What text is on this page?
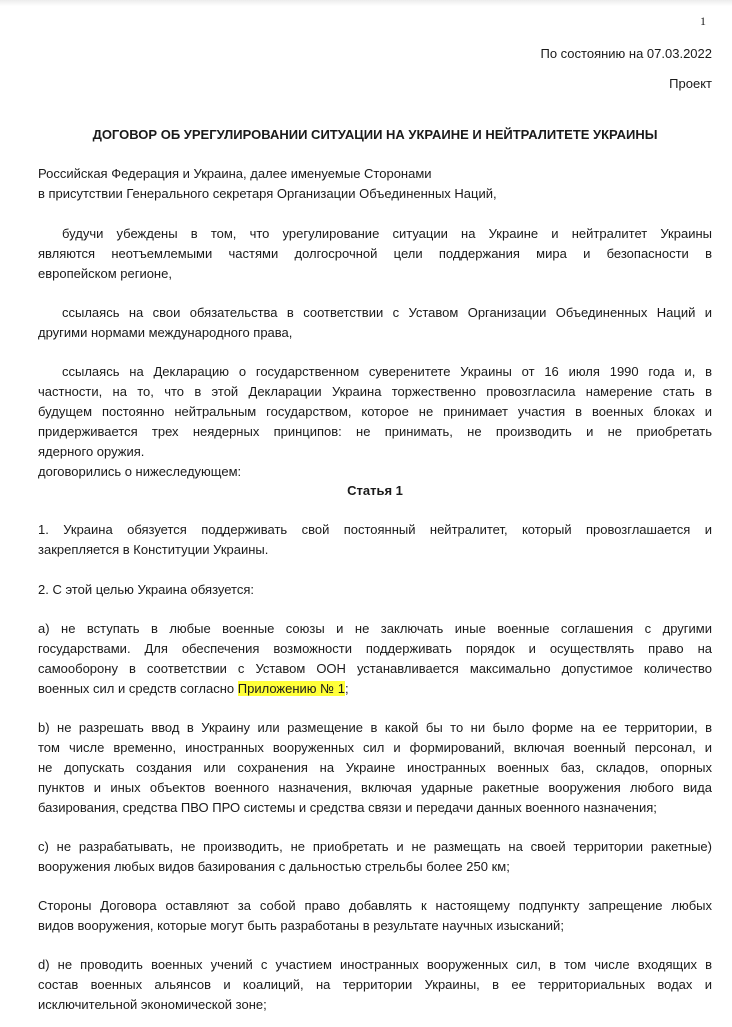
1
По состоянию на 07.03.2022
Проект
ДОГОВОР ОБ УРЕГУЛИРОВАНИИ СИТУАЦИИ НА УКРАИНЕ И НЕЙТРАЛИТЕТЕ УКРАИНЫ
Российская Федерация и Украина, далее именуемые Сторонами
в присутствии Генерального секретаря Организации Объединенных Наций,
будучи убеждены в том, что урегулирование ситуации на Украине и нейтралитет Украины
являются неотъемлемыми частями долгосрочной цели поддержания мира и безопасности в
европейском регионе,
ссылаясь на свои обязательства в соответствии с Уставом Организации Объединенных Наций и
другими нормами международного права,
ссылаясь на Декларацию о государственном суверенитете Украины от 16 июля 1990 года и, в
частности, на то, что в этой Декларации Украина торжественно провозгласила намерение стать в
будущем постоянно нейтральным государством, которое не принимает участия в военных блоках и
придерживается трех неядерных принципов: не принимать, не производить и не приобретать
ядерного оружия.
договорились о нижеследующем:
Статья 1
1. Украина обязуется поддерживать свой постоянный нейтралитет, который провозглашается и
закрепляется в Конституции Украины.
2. С этой целью Украина обязуется:
a) не вступать в любые военные союзы и не заключать иные военные соглашения с другими
государствами. Для обеспечения возможности поддерживать порядок и осуществлять право на
самооборону в соответствии с Уставом ООН устанавливается максимально допустимое количество
военных сил и средств согласно Приложению № 1;
b) не разрешать ввод в Украину или размещение в какой бы то ни было форме на ее территории, в
том числе временно, иностранных вооруженных сил и формирований, включая военный персонал, и
не допускать создания или сохранения на Украине иностранных военных баз, складов, опорных
пунктов и иных объектов военного назначения, включая ударные ракетные вооружения любого вида
базирования, средства ПВО ПРО системы и средства связи и передачи данных военного назначения;
c) не разрабатывать, не производить, не приобретать и не размещать на своей территории ракетные)
вооружения любых видов базирования с дальностью стрельбы более 250 км;
Стороны Договора оставляют за собой право добавлять к настоящему подпункту запрещение любых
видов вооружения, которые могут быть разработаны в результате научных изысканий;
d) не проводить военных учений с участием иностранных вооруженных сил, в том числе входящих в
состав военных альянсов и коалиций, на территории Украины, в ее территориальных водах и
исключительной экономической зоне;
